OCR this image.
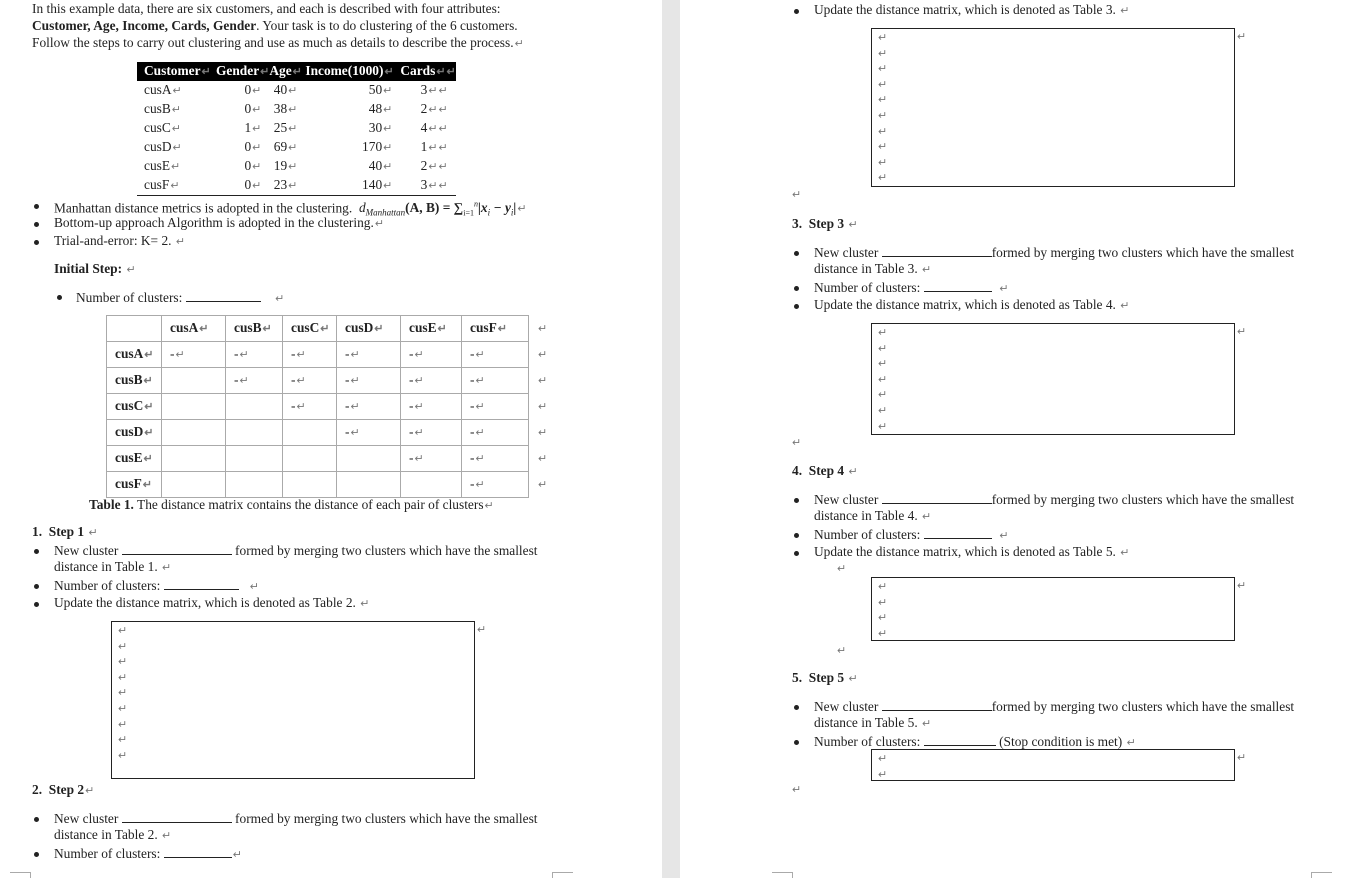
In this example data, there are six customers, and each is described with four attributes:
Customer, Age, Income, Cards, Gender. Your task is to do clustering of the 6 customers.
Follow the steps to carry out clustering and use as much as details to describe the process.↵
Customer↵	Gender↵	Age↵	Income(1000)↵	Cards↵↵
cusA↵	0↵	40↵	50↵	3↵↵
cusB↵	0↵	38↵	48↵	2↵↵
cusC↵	1↵	25↵	30↵	4↵↵
cusD↵	0↵	69↵	170↵	1↵↵
cusE↵	0↵	19↵	40↵	2↵↵
cusF↵	0↵	23↵	140↵	3↵↵
Manhattan distance metrics is adopted in the clustering. $d_{Manhattan}(A$, $B) = \sum_{i=1}^n|x_i$ − $y_i|↵$
Bottom-up approach Algorithm is adopted in the clustering.↵
Trial-and-error: K= 2. ↵
Initial Step: ↵
Number of clusters:	↵
	cusA↵	cusB↵	cusC↵	cusD↵	cusE↵	cusF↵	↵
cusA↵	-↵	-↵	-↵	-↵	-↵	-↵	↵
cusB↵		-↵	-↵	-↵	-↵	-↵	↵
cusC↵			-↵	-↵	-↵	-↵	↵
cusD↵				-↵	-↵	-↵	↵
cusE↵					-↵	-↵	↵
cusF↵						-↵	↵
Table 1. The distance matrix contains the distance of each pair of clusters↵
1. Step 1 ↵
New cluster	formed by merging two clusters which have the smallest
distance in Table 1. ↵
Number of clusters:	↵
Update the distance matrix, which is denoted as Table 2. ↵
↵
↵
↵
↵
↵
↵
↵
↵
↵
↵
2. Step 2↵
New cluster	formed by merging two clusters which have the smallest
distance in Table 2. ↵
Number of clusters:	↵
Update the distance matrix, which is denoted as Table 3. ↵
↵
↵
↵
↵
↵
↵
↵
↵
↵
↵
↵
↵
3. Step 3 ↵
New cluster	formed by merging two clusters which have the smallest
distance in Table 3. ↵
Number of clusters:	↵
Update the distance matrix, which is denoted as Table 4. ↵
↵
↵
↵
↵
↵
↵
↵
↵
↵
4. Step 4 ↵
New cluster	formed by merging two clusters which have the smallest
distance in Table 4. ↵
Number of clusters:	↵
Update the distance matrix, which is denoted as Table 5. ↵
↵
↵
↵
↵
↵
↵
↵
5. Step 5 ↵
New cluster	formed by merging two clusters which have the smallest
distance in Table 5. ↵
Number of clusters:	(Stop condition is met) ↵
↵
↵
↵
↵
